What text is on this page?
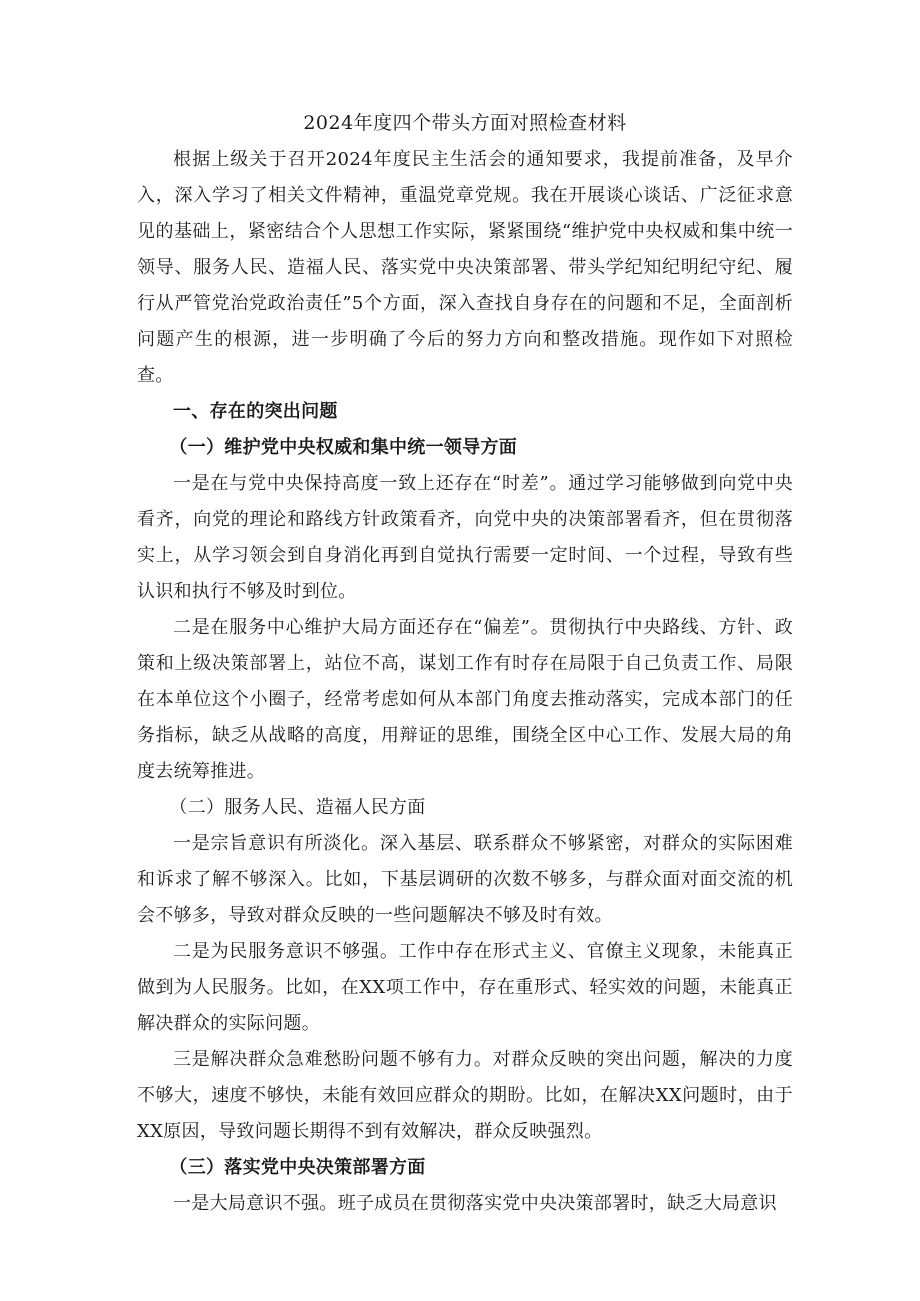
2024年度四个带头方面对照检查材料

根据上级关于召开2024年度民主生活会的通知要求，我提前准备，及早介入，深入学习了相关文件精神，重温党章党规。我在开展谈心谈话、广泛征求意见的基础上，紧密结合个人思想工作实际，紧紧围绕“维护党中央权威和集中统一领导、服务人民、造福人民、落实党中央决策部署、带头学纪知纪明纪守纪、履行从严管党治党政治责任”5个方面，深入查找自身存在的问题和不足，全面剖析问题产生的根源，进一步明确了今后的努力方向和整改措施。现作如下对照检查。

一、存在的突出问题

（一）维护党中央权威和集中统一领导方面

一是在与党中央保持高度一致上还存在“时差”。通过学习能够做到向党中央看齐，向党的理论和路线方针政策看齐，向党中央的决策部署看齐，但在贯彻落实上，从学习领会到自身消化再到自觉执行需要一定时间、一个过程，导致有些认识和执行不够及时到位。

二是在服务中心维护大局方面还存在“偏差”。贯彻执行中央路线、方针、政策和上级决策部署上，站位不高，谋划工作有时存在局限于自己负责工作、局限在本单位这个小圈子，经常考虑如何从本部门角度去推动落实，完成本部门的任务指标，缺乏从战略的高度，用辩证的思维，围绕全区中心工作、发展大局的角度去统筹推进。

（二）服务人民、造福人民方面

一是宗旨意识有所淡化。深入基层、联系群众不够紧密，对群众的实际困难和诉求了解不够深入。比如，下基层调研的次数不够多，与群众面对面交流的机会不够多，导致对群众反映的一些问题解决不够及时有效。

二是为民服务意识不够强。工作中存在形式主义、官僚主义现象，未能真正做到为人民服务。比如，在XX项工作中，存在重形式、轻实效的问题，未能真正解决群众的实际问题。

三是解决群众急难愁盼问题不够有力。对群众反映的突出问题，解决的力度不够大，速度不够快，未能有效回应群众的期盼。比如，在解决XX问题时，由于XX原因，导致问题长期得不到有效解决，群众反映强烈。

（三）落实党中央决策部署方面

一是大局意识不强。班子成员在贯彻落实党中央决策部署时，缺乏大局意识
